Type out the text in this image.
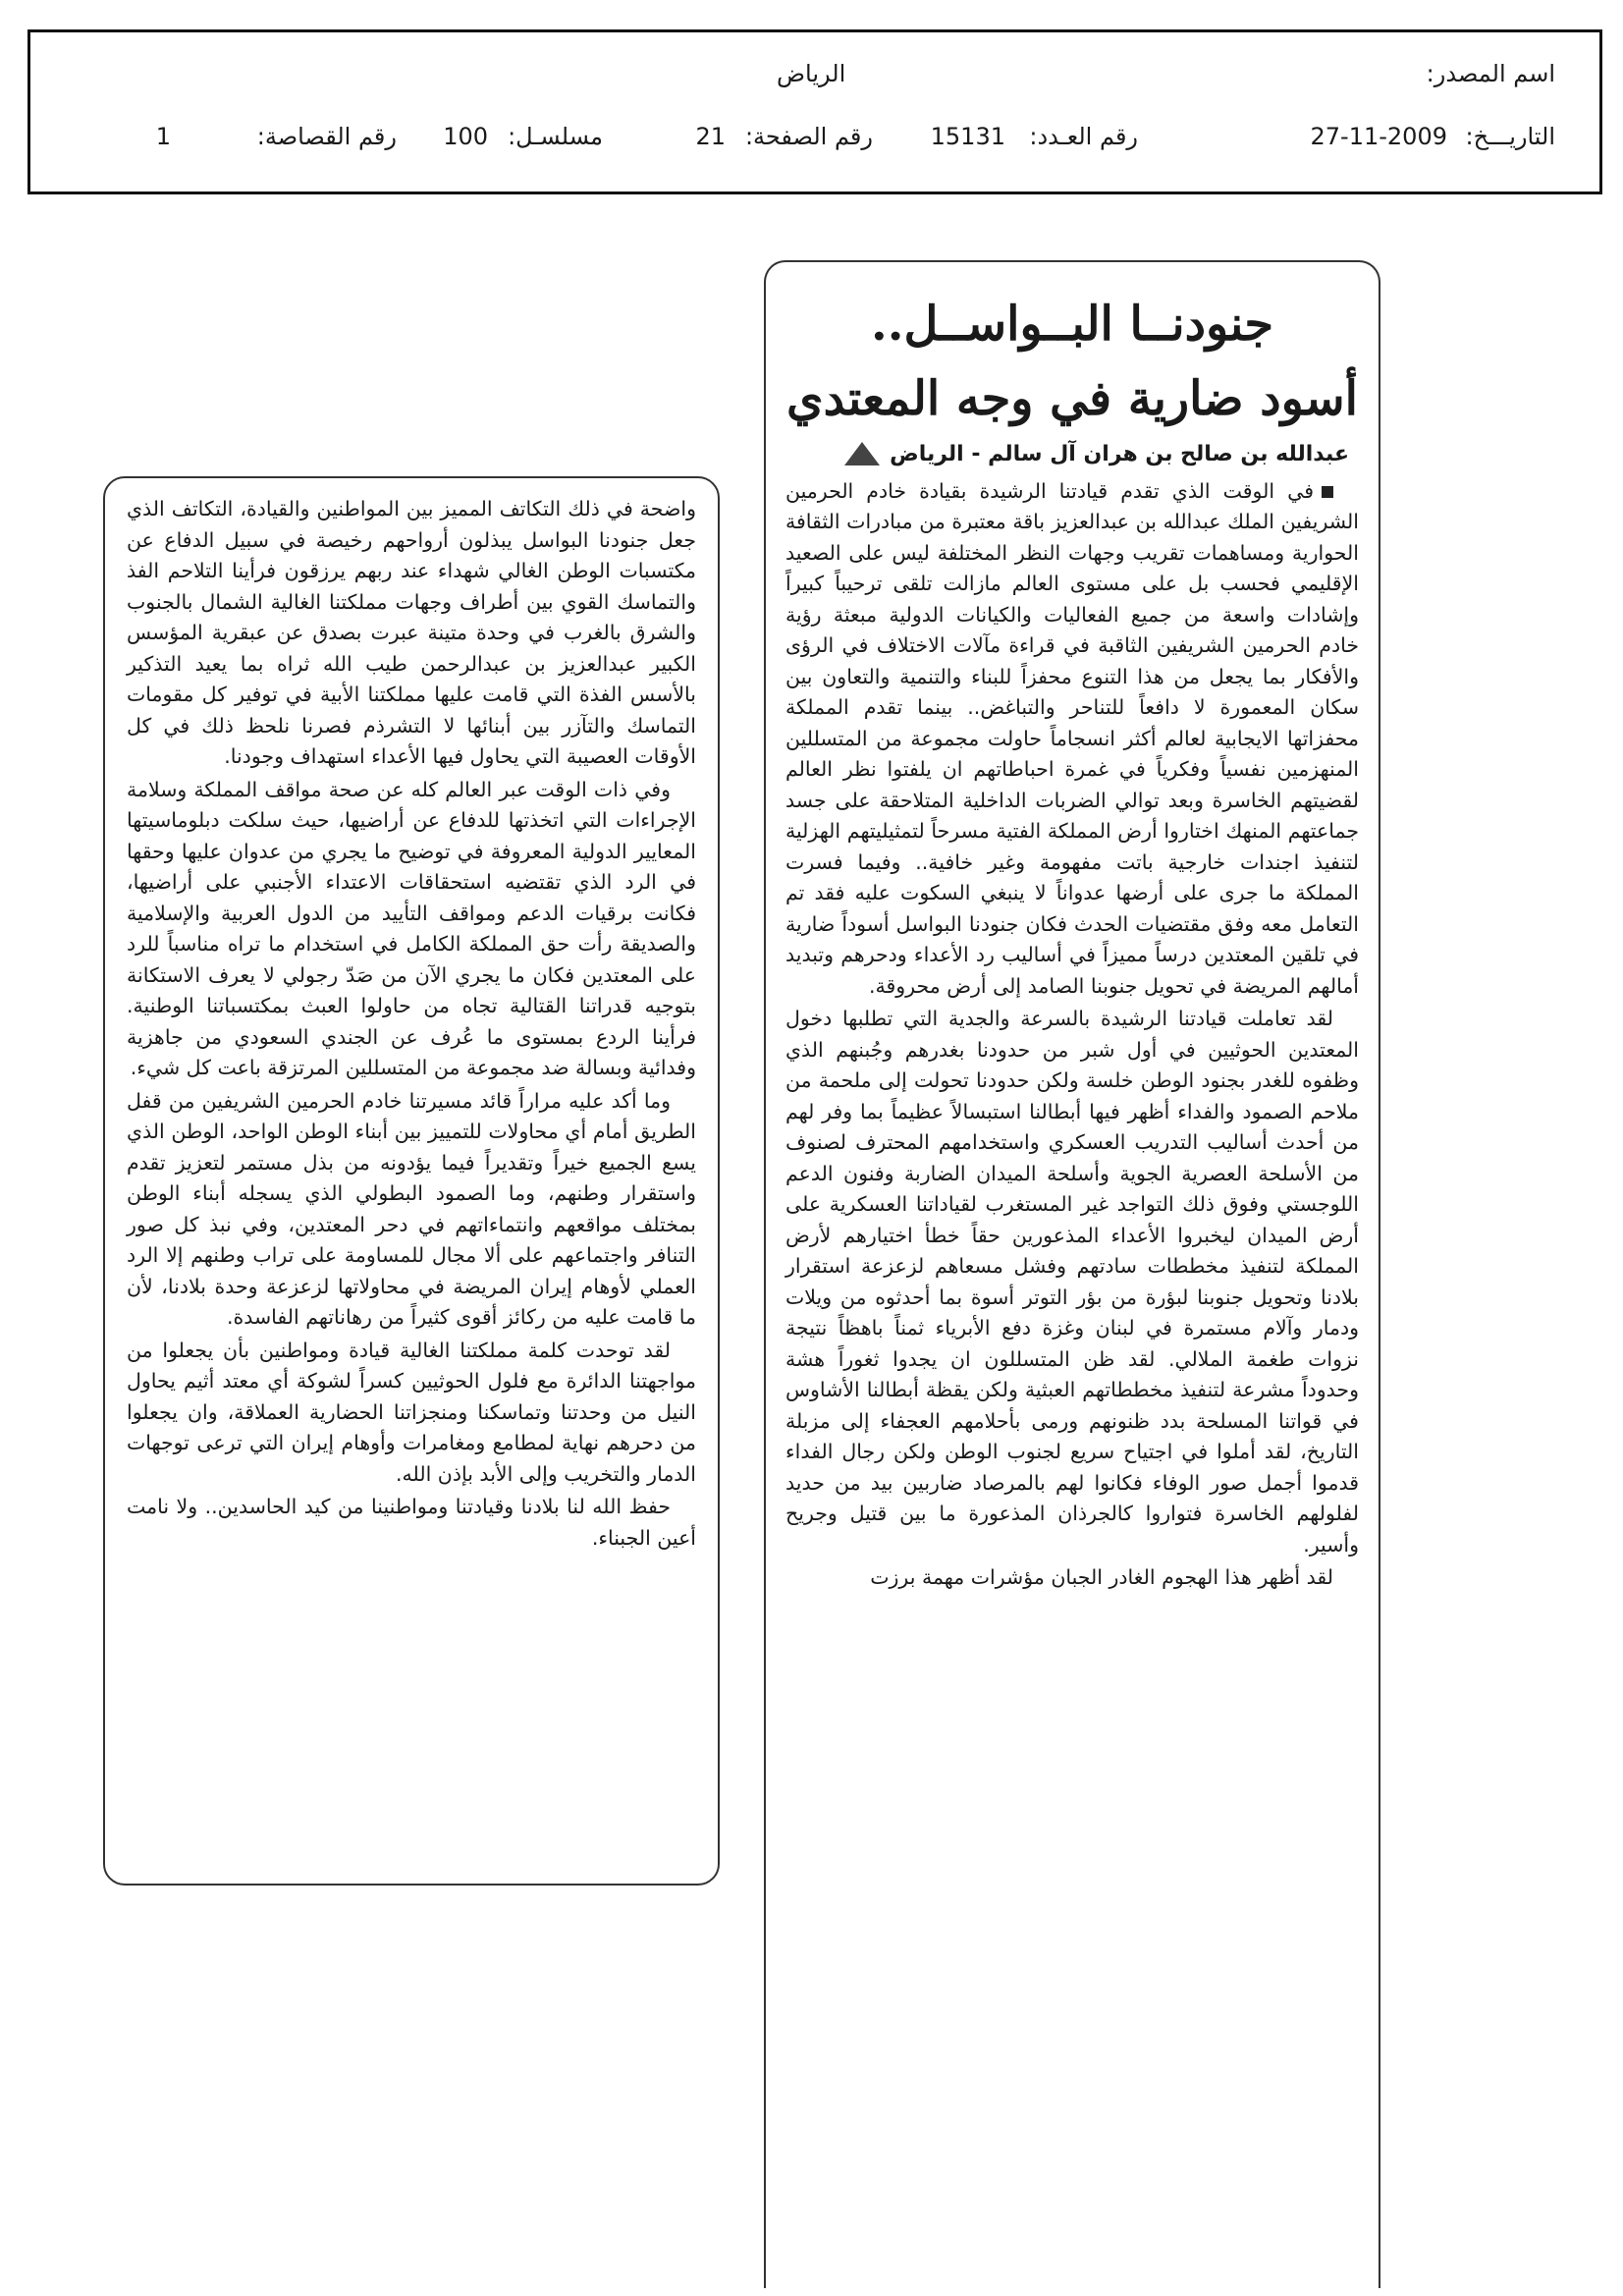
اسم المصدر:
الرياض
التاريـــخ:
27-11-2009
رقم العـدد:
15131
رقم الصفحة:
21
مسلسـل:
100
رقم القصاصة:
1
جنودنــا البــواســل..
أسود ضارية في وجه المعتدي
عبدالله بن صالح بن هران آل سالم - الرياض

في الوقت الذي تقدم قيادتنا الرشيدة بقيادة خادم الحرمين الشريفين الملك عبدالله بن عبدالعزيز باقة معتبرة من مبادرات الثقافة الحوارية ومساهمات تقريب وجهات النظر المختلفة ليس على الصعيد الإقليمي فحسب بل على مستوى العالم مازالت تلقى ترحيباً كبيراً وإشادات واسعة من جميع الفعاليات والكيانات الدولية مبعثة رؤية خادم الحرمين الشريفين الثاقبة في قراءة مآلات الاختلاف في الرؤى والأفكار بما يجعل من هذا التنوع محفزاً للبناء والتنمية والتعاون بين سكان المعمورة لا دافعاً للتناحر والتباغض.. بينما تقدم المملكة محفزاتها الايجابية لعالم أكثر انسجاماً حاولت مجموعة من المتسللين المنهزمين نفسياً وفكرياً في غمرة احباطاتهم ان يلفتوا نظر العالم لقضيتهم الخاسرة وبعد توالي الضربات الداخلية المتلاحقة على جسد جماعتهم المنهك اختاروا أرض المملكة الفتية مسرحاً لتمثيليتهم الهزلية لتنفيذ اجندات خارجية باتت مفهومة وغير خافية.. وفيما فسرت المملكة ما جرى على أرضها عدواناً لا ينبغي السكوت عليه فقد تم التعامل معه وفق مقتضيات الحدث فكان جنودنا البواسل أسوداً ضارية في تلقين المعتدين درساً مميزاً في أساليب رد الأعداء ودحرهم وتبديد أمالهم المريضة في تحويل جنوبنا الصامد إلى أرض محروقة.

لقد تعاملت قيادتنا الرشيدة بالسرعة والجدية التي تطلبها دخول المعتدين الحوثيين في أول شبر من حدودنا بغدرهم وجُبنهم الذي وظفوه للغدر بجنود الوطن خلسة ولكن حدودنا تحولت إلى ملحمة من ملاحم الصمود والفداء أظهر فيها أبطالنا استبسالاً عظيماً بما وفر لهم من أحدث أساليب التدريب العسكري واستخدامهم المحترف لصنوف من الأسلحة العصرية الجوية وأسلحة الميدان الضاربة وفنون الدعم اللوجستي وفوق ذلك التواجد غير المستغرب لقياداتنا العسكرية على أرض الميدان ليخبروا الأعداء المذعورين حقاً خطأ اختيارهم لأرض المملكة لتنفيذ مخططات سادتهم وفشل مسعاهم لزعزعة استقرار بلادنا وتحويل جنوبنا لبؤرة من بؤر التوتر أسوة بما أحدثوه من ويلات ودمار وآلام مستمرة في لبنان وغزة دفع الأبرياء ثمناً باهظاً نتيجة نزوات طغمة الملالي. لقد ظن المتسللون ان يجدوا ثغوراً هشة وحدوداً مشرعة لتنفيذ مخططاتهم العبثية ولكن يقظة أبطالنا الأشاوس في قواتنا المسلحة بدد ظنونهم ورمى بأحلامهم العجفاء إلى مزبلة التاريخ، لقد أملوا في اجتياح سريع لجنوب الوطن ولكن رجال الفداء قدموا أجمل صور الوفاء فكانوا لهم بالمرصاد ضاربين بيد من حديد لفلولهم الخاسرة فتواروا كالجرذان المذعورة ما بين قتيل وجريح وأسير.

لقد أظهر هذا الهجوم الغادر الجبان مؤشرات مهمة برزت

واضحة في ذلك التكاتف المميز بين المواطنين والقيادة، التكاتف الذي جعل جنودنا البواسل يبذلون أرواحهم رخيصة في سبيل الدفاع عن مكتسبات الوطن الغالي شهداء عند ربهم يرزقون فرأينا التلاحم الفذ والتماسك القوي بين أطراف وجهات مملكتنا الغالية الشمال بالجنوب والشرق بالغرب في وحدة متينة عبرت بصدق عن عبقرية المؤسس الكبير عبدالعزيز بن عبدالرحمن طيب الله ثراه بما يعيد التذكير بالأسس الفذة التي قامت عليها مملكتنا الأبية في توفير كل مقومات التماسك والتآزر بين أبنائها لا التشرذم فصرنا نلحظ ذلك في كل الأوقات العصيبة التي يحاول فيها الأعداء استهداف وجودنا.

وفي ذات الوقت عبر العالم كله عن صحة مواقف المملكة وسلامة الإجراءات التي اتخذتها للدفاع عن أراضيها، حيث سلكت دبلوماسيتها المعايير الدولية المعروفة في توضيح ما يجري من عدوان عليها وحقها في الرد الذي تقتضيه استحقاقات الاعتداء الأجنبي على أراضيها، فكانت برقيات الدعم ومواقف التأييد من الدول العربية والإسلامية والصديقة رأت حق المملكة الكامل في استخدام ما تراه مناسباً للرد على المعتدين فكان ما يجري الآن من صَدّ رجولي لا يعرف الاستكانة بتوجيه قدراتنا القتالية تجاه من حاولوا العبث بمكتسباتنا الوطنية. فرأينا الردع بمستوى ما عُرف عن الجندي السعودي من جاهزية وفدائية وبسالة ضد مجموعة من المتسللين المرتزقة باعت كل شيء.

وما أكد عليه مراراً قائد مسيرتنا خادم الحرمين الشريفين من قفل الطريق أمام أي محاولات للتمييز بين أبناء الوطن الواحد، الوطن الذي يسع الجميع خيراً وتقديراً فيما يؤدونه من بذل مستمر لتعزيز تقدم واستقرار وطنهم، وما الصمود البطولي الذي يسجله أبناء الوطن بمختلف مواقعهم وانتماءاتهم في دحر المعتدين، وفي نبذ كل صور التنافر واجتماعهم على ألا مجال للمساومة على تراب وطنهم إلا الرد العملي لأوهام إيران المريضة في محاولاتها لزعزعة وحدة بلادنا، لأن ما قامت عليه من ركائز أقوى كثيراً من رهاناتهم الفاسدة.

لقد توحدت كلمة مملكتنا الغالية قيادة ومواطنين بأن يجعلوا من مواجهتنا الدائرة مع فلول الحوثيين كسراً لشوكة أي معتد أثيم يحاول النيل من وحدتنا وتماسكنا ومنجزاتنا الحضارية العملاقة، وان يجعلوا من دحرهم نهاية لمطامع ومغامرات وأوهام إيران التي ترعى توجهات الدمار والتخريب وإلى الأبد بإذن الله.

حفظ الله لنا بلادنا وقيادتنا ومواطنينا من كيد الحاسدين.. ولا نامت أعين الجبناء.
